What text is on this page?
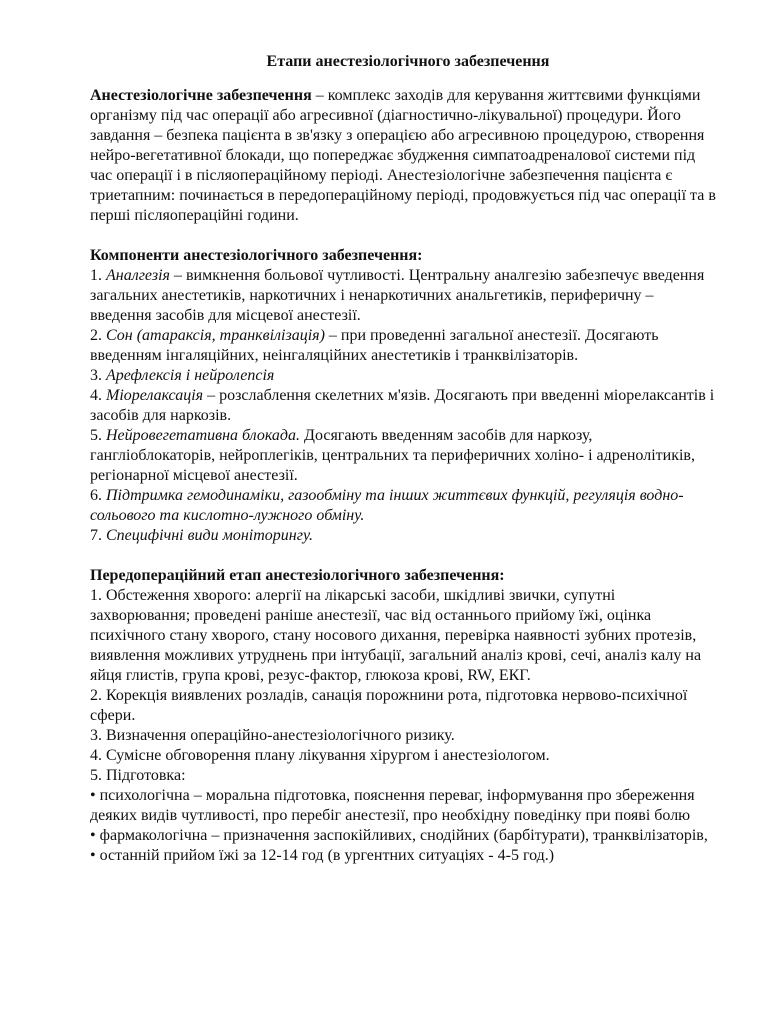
Етапи анестезіологічного забезпечення

Анестезіологічне забезпечення – комплекс заходів для керування життєвими функціями організму під час операції або агресивної (діагностично-лікувальної) процедури. Його завдання – безпека пацієнта в зв'язку з операцією або агресивною процедурою, створення нейро-вегетативної блокади, що попереджає збудження симпатоадреналової системи під час операції і в післяопераційному періоді. Анестезіологічне забезпечення пацієнта є триетапним: починається в передопераційному періоді, продовжується під час операції та в перші післяопераційні години.

Компоненти анестезіологічного забезпечення:

1. Аналгезія – вимкнення больової чутливості. Центральну аналгезію забезпечує введення загальних анестетиків, наркотичних і ненаркотичних анальгетиків, периферичну – введення засобів для місцевої анестезії.

2. Сон (атараксія, транквілізація) – при проведенні загальної анестезії. Досягають введенням інгаляційних, неінгаляційних анестетиків і транквілізаторів.

3. Арефлексія і нейролепсія

4. Міорелаксація – розслаблення скелетних м'язів. Досягають при введенні міорелаксантів і засобів для наркозів.

5. Нейровегетативна блокада. Досягають введенням засобів для наркозу, гангліоблокаторів, нейроплегіків, центральних та периферичних холіно- і адренолітиків, регіонарної місцевої анестезії.

6. Підтримка гемодинаміки, газообміну та інших життєвих функцій, регуляція водно-сольового та кислотно-лужного обміну.

7. Специфічні види моніторингу.

Передопераційний етап анестезіологічного забезпечення:

1. Обстеження хворого: алергії на лікарські засоби, шкідливі звички, супутні захворювання; проведені раніше анестезії, час від останнього прийому їжі, оцінка психічного стану хворого, стану носового дихання, перевірка наявності зубних протезів, виявлення можливих утруднень при інтубації, загальний аналіз крові, сечі, аналіз калу на яйця глистів, група крові, резус-фактор, глюкоза крові, RW, ЕКГ.

2. Корекція виявлених розладів, санація порожнини рота, підготовка нервово-психічної сфери.

3. Визначення операційно-анестезіологічного ризику.

4. Сумісне обговорення плану лікування хірургом і анестезіологом.

5. Підготовка:

• психологічна – моральна підготовка, пояснення переваг, інформування про збереження деяких видів чутливості, про перебіг анестезії, про необхідну поведінку при появі болю

• фармакологічна – призначення заспокійливих, снодійних (барбітурати), транквілізаторів,

• останній прийом їжі за 12-14 год (в ургентних ситуаціях - 4-5 год.)
